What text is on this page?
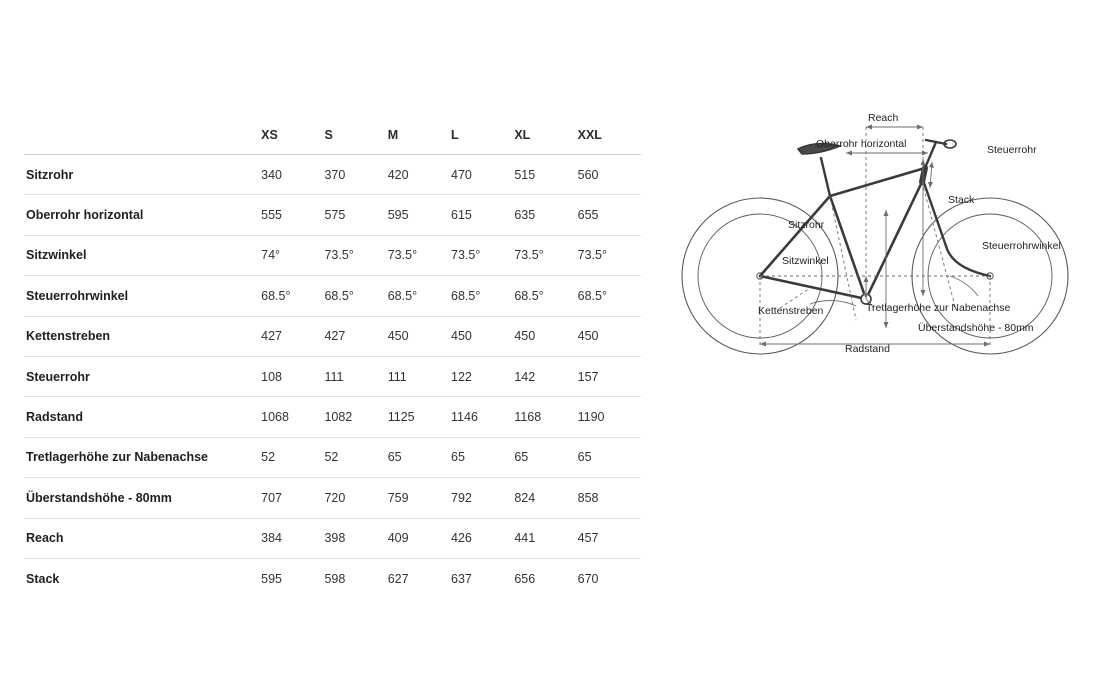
	XS	S	M	L	XL	XXL
Sitzrohr	340	370	420	470	515	560
Oberrohr horizontal	555	575	595	615	635	655
Sitzwinkel	74°	73.5°	73.5°	73.5°	73.5°	73.5°
Steuerrohrwinkel	68.5°	68.5°	68.5°	68.5°	68.5°	68.5°
Kettenstreben	427	427	450	450	450	450
Steuerrohr	108	111	111	122	142	157
Radstand	1068	1082	1125	1146	1168	1190
Tretlagerhöhe zur Nabenachse	52	52	65	65	65	65
Überstandshöhe - 80mm	707	720	759	792	824	858
Reach	384	398	409	426	441	457
Stack	595	598	627	637	656	670
Reach
Oberrohr horizontal	Steuerrohr
Stack
Sitzrohr
Sitzwinkel
Steuerrohrwinkel
Kettenstreben	Tretlagerhöhe zur Nabenachse
Überstandshöhe - 80mm
Radstand
